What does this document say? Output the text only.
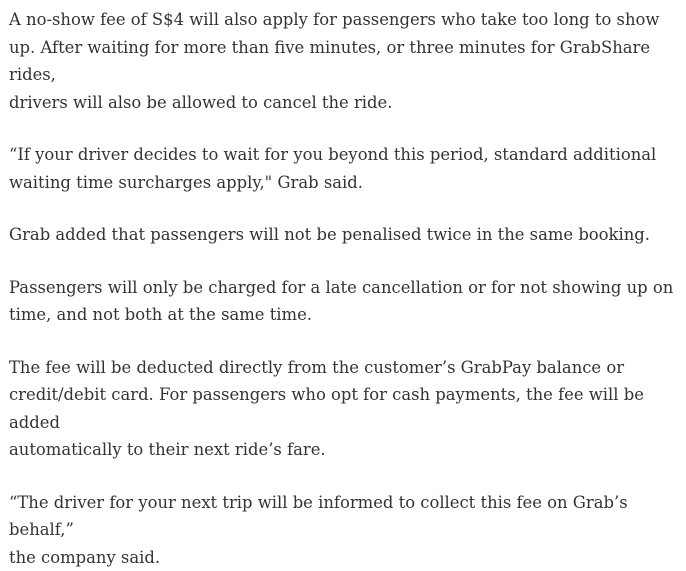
A no-show fee of S$4 will also apply for passengers who take too long to show
up. After waiting for more than five minutes, or three minutes for GrabShare rides,
drivers will also be allowed to cancel the ride.

“If your driver decides to wait for you beyond this period, standard additional
waiting time surcharges apply," Grab said.

Grab added that passengers will not be penalised twice in the same booking.

Passengers will only be charged for a late cancellation or for not showing up on
time, and not both at the same time.

The fee will be deducted directly from the customer’s GrabPay balance or
credit/debit card. For passengers who opt for cash payments, the fee will be added
automatically to their next ride’s fare.

“The driver for your next trip will be informed to collect this fee on Grab’s behalf,”
the company said.
